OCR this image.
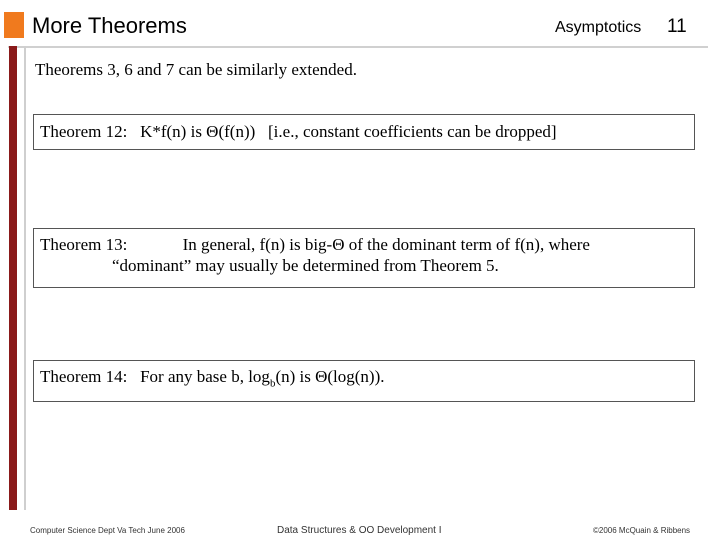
More Theorems	Asymptotics 11
Theorems 3, 6 and 7 can be similarly extended.
Theorem 12:   K*f(n) is Θ(f(n))   [i.e., constant coefficients can be dropped]
Theorem 13:             In general, f(n) is big-Θ of the dominant term of f(n), where
“dominant” may usually be determined from Theorem 5.
Theorem 14:   For any base b, $\log_b(n)$ is Θ(log(n)).
Computer Science Dept Va Tech June 2006	Data Structures & OO Development I	©2006 McQuain & Ribbens
